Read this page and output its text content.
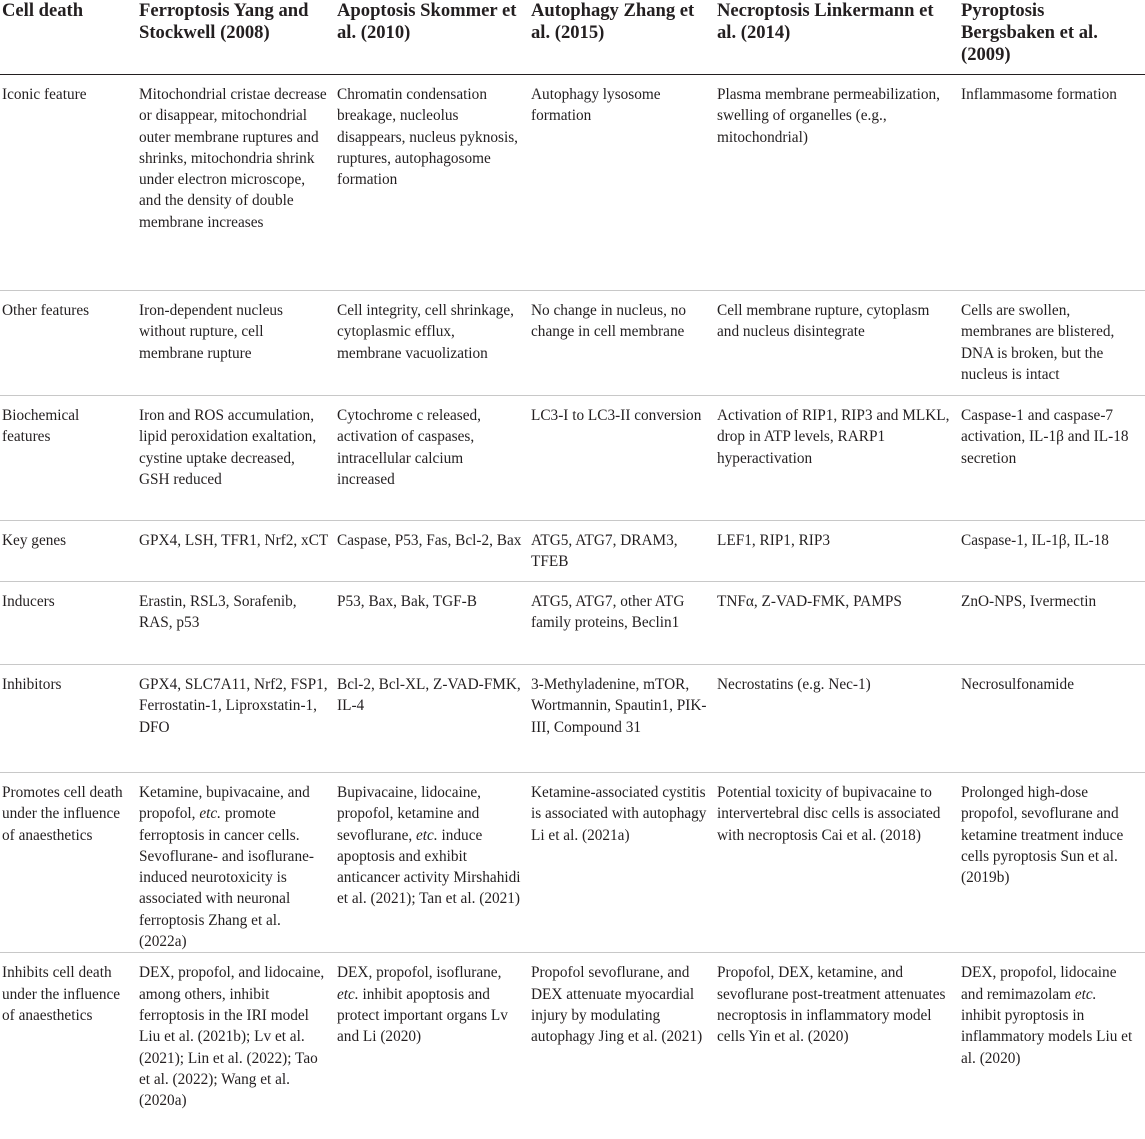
Cell death	Ferroptosis Yang and Stockwell (2008)	Apoptosis Skommer et al. (2010)	Autophagy Zhang et al. (2015)	Necroptosis Linkermann et al. (2014)	Pyroptosis Bergsbaken et al. (2009)
Iconic feature	Mitochondrial cristae decrease or disappear, mitochondrial outer membrane ruptures and shrinks, mitochondria shrink under electron microscope, and the density of double membrane increases	Chromatin condensation breakage, nucleolus disappears, nucleus pyknosis, ruptures, autophagosome formation	Autophagy lysosome formation	Plasma membrane permeabilization, swelling of organelles (e.g., mitochondrial)	Inflammasome formation
Other features	Iron-dependent nucleus without rupture, cell membrane rupture	Cell integrity, cell shrinkage, cytoplasmic efflux, membrane vacuolization	No change in nucleus, no change in cell membrane	Cell membrane rupture, cytoplasm and nucleus disintegrate	Cells are swollen, membranes are blistered, DNA is broken, but the nucleus is intact
Biochemical features	Iron and ROS accumulation, lipid peroxidation exaltation, cystine uptake decreased, GSH reduced	Cytochrome c released, activation of caspases, intracellular calcium increased	LC3-I to LC3-II conversion	Activation of RIP1, RIP3 and MLKL, drop in ATP levels, RARP1 hyperactivation	Caspase-1 and caspase-7 activation, IL-1β and IL-18 secretion
Key genes	GPX4, LSH, TFR1, Nrf2, xCT	Caspase, P53, Fas, Bcl-2, Bax	ATG5, ATG7, DRAM3, TFEB	LEF1, RIP1, RIP3	Caspase-1, IL-1β, IL-18
Inducers	Erastin, RSL3, Sorafenib, RAS, p53	P53, Bax, Bak, TGF-B	ATG5, ATG7, other ATG family proteins, Beclin1	TNFα, Z-VAD-FMK, PAMPS	ZnO-NPS, Ivermectin
Inhibitors	GPX4, SLC7A11, Nrf2, FSP1, Ferrostatin-1, Liproxstatin-1, DFO	Bcl-2, Bcl-XL, Z-VAD-FMK, IL-4	3-Methyladenine, mTOR, Wortmannin, Spautin1, PIK-III, Compound 31	Necrostatins (e.g. Nec-1)	Necrosulfonamide
Promotes cell death under the influence of anaesthetics	Ketamine, bupivacaine, and propofol, etc. promote ferroptosis in cancer cells. Sevoflurane- and isoflurane-induced neurotoxicity is associated with neuronal ferroptosis Zhang et al. (2022a)	Bupivacaine, lidocaine, propofol, ketamine and sevoflurane, etc. induce apoptosis and exhibit anticancer activity Mirshahidi et al. (2021); Tan et al. (2021)	Ketamine-associated cystitis is associated with autophagy Li et al. (2021a)	Potential toxicity of bupivacaine to intervertebral disc cells is associated with necroptosis Cai et al. (2018)	Prolonged high-dose propofol, sevoflurane and ketamine treatment induce cells pyroptosis Sun et al. (2019b)
Inhibits cell death under the influence of anaesthetics	DEX, propofol, and lidocaine, among others, inhibit ferroptosis in the IRI model Liu et al. (2021b); Lv et al. (2021); Lin et al. (2022); Tao et al. (2022); Wang et al. (2020a)	DEX, propofol, isoflurane, etc. inhibit apoptosis and protect important organs Lv and Li (2020)	Propofol sevoflurane, and DEX attenuate myocardial injury by modulating autophagy Jing et al. (2021)	Propofol, DEX, ketamine, and sevoflurane post-treatment attenuates necroptosis in inflammatory model cells Yin et al. (2020)	DEX, propofol, lidocaine and remimazolam etc. inhibit pyroptosis in inflammatory models Liu et al. (2020)
